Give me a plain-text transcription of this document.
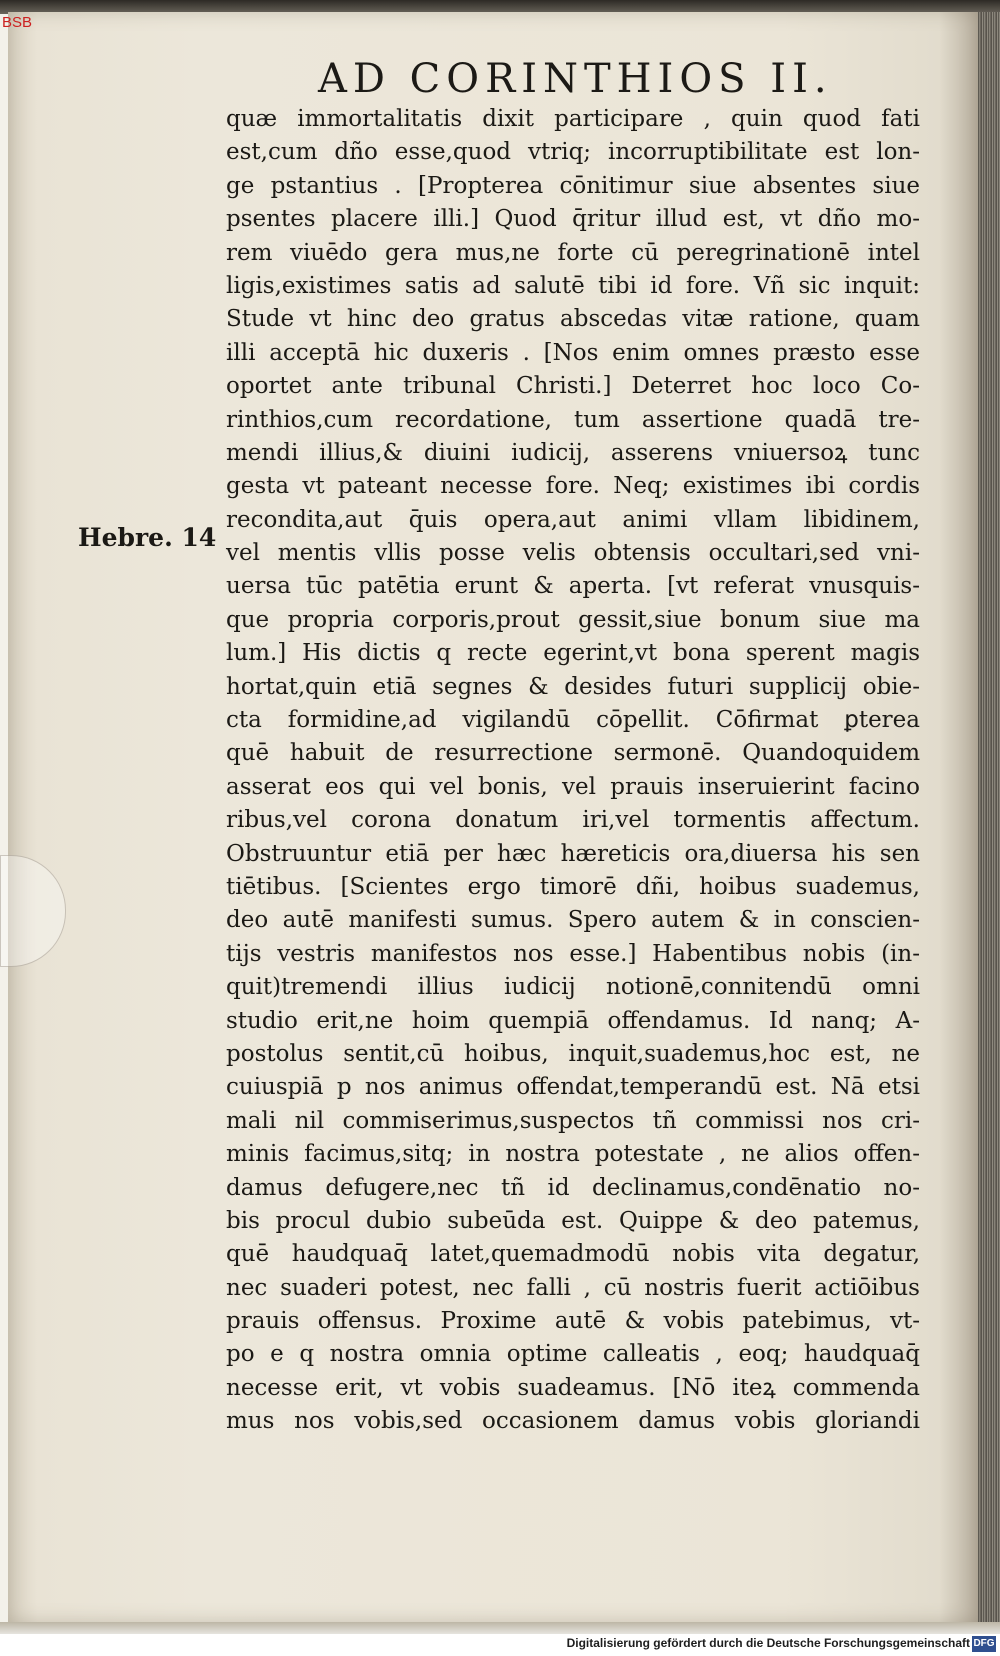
BSB
AD CORINTHIOS II.
Hebre. 14
quæ immortalitatis dixit participare , quin quod fati
est,cum dño esse,quod vtriq; incorruptibilitate est lon-
ge pstantius . [Propterea cōnitimur siue absentes siue
psentes placere illi.] Quod q̄ritur illud est, vt dño mo-
rem viuēdo gera mus,ne forte cū peregrinationē intel
ligis,existimes satis ad salutē tibi id fore. Vñ sic inquit:
Stude vt hinc deo gratus abscedas vitæ ratione, quam
illi acceptā hic duxeris . [Nos enim omnes præsto esse
oportet ante tribunal Christi.] Deterret hoc loco Co-
rinthios,cum recordatione, tum assertione quadā tre-
mendi illius,& diuini iudicij, asserens vniuersoꝝ tunc
gesta vt pateant necesse fore. Neq; existimes ibi cordis
recondita,aut q̄uis opera,aut animi vllam libidinem,
vel mentis vllis posse velis obtensis occultari,sed vni-
uersa tūc patētia erunt & aperta. [vt referat vnusquis-
que propria corporis,prout gessit,siue bonum siue ma
lum.] His dictis q recte egerint,vt bona sperent magis
hortat,quin etiā segnes & desides futuri supplicij obie-
cta formidine,ad vigilandū cōpellit. Cōfirmat ꝑterea
quē habuit de resurrectione sermonē. Quandoquidem
asserat eos qui vel bonis, vel prauis inseruierint facino
ribus,vel corona donatum iri,vel tormentis affectum.
Obstruuntur etiā per hæc hæreticis ora,diuersa his sen
tiētibus. [Scientes ergo timorē dñi, hoibus suademus,
deo autē manifesti sumus. Spero autem & in conscien-
tijs vestris manifestos nos esse.] Habentibus nobis (in-
quit)tremendi illius iudicij notionē,connitendū omni
studio erit,ne hoim quempiā offendamus. Id nanq; A-
postolus sentit,cū hoibus, inquit,suademus,hoc est, ne
cuiuspiā p nos animus offendat,temperandū est. Nā etsi
mali nil commiserimus,suspectos tñ commissi nos cri-
minis facimus,sitq; in nostra potestate , ne alios offen-
damus defugere,nec tñ id declinamus,condēnatio no-
bis procul dubio subeūda est. Quippe & deo patemus,
quē haudquaq̄ latet,quemadmodū nobis vita degatur,
nec suaderi potest, nec falli , cū nostris fuerit actiōibus
prauis offensus. Proxime autē & vobis patebimus, vt-
po e q nostra omnia optime calleatis , eoq; haudquaq̄
necesse erit, vt vobis suadeamus. [Nō iteꝝ commenda
mus nos vobis,sed occasionem damus vobis gloriandi
Digitalisierung gefördert durch die Deutsche Forschungsgemeinschaft DFG
